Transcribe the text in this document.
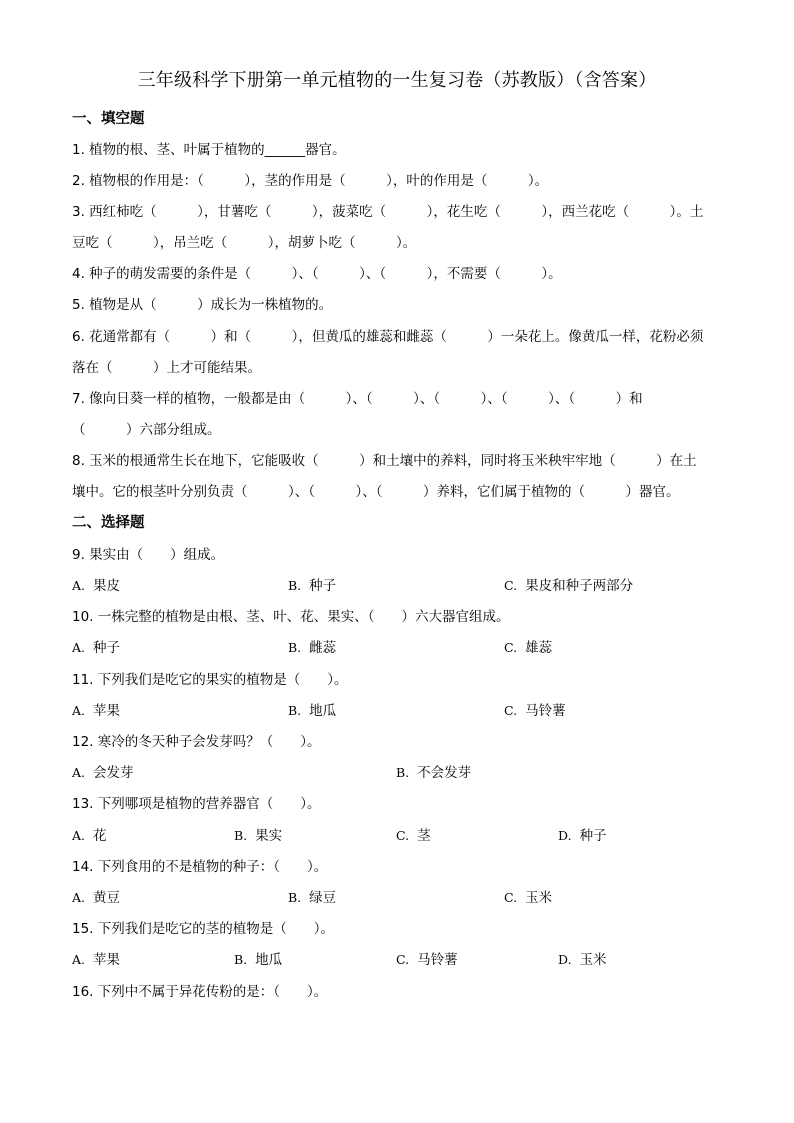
三年级科学下册第一单元植物的一生复习卷（苏教版）（含答案）
一、填空题
1. 植物的根、茎、叶属于植物的______器官。
2. 植物根的作用是：（　　　），茎的作用是（　　　），叶的作用是（　　　）。
3. 西红柿吃（　　　），甘薯吃（　　　），菠菜吃（　　　），花生吃（　　　），西兰花吃（　　　）。土
豆吃（　　　），吊兰吃（　　　），胡萝卜吃（　　　）。
4. 种子的萌发需要的条件是（　　　）、（　　　）、（　　　），不需要（　　　）。
5. 植物是从（　　　）成长为一株植物的。
6. 花通常都有（　　　）和（　　　），但黄瓜的雄蕊和雌蕊（　　　）一朵花上。像黄瓜一样，花粉必须
落在（　　　）上才可能结果。
7. 像向日葵一样的植物，一般都是由（　　　）、（　　　）、（　　　）、（　　　）、（　　　）和
（　　　）六部分组成。
8. 玉米的根通常生长在地下，它能吸收（　　　）和土壤中的养料，同时将玉米秧牢牢地（　　　）在土
壤中。它的根茎叶分别负责（　　　）、（　　　）、（　　　）养料，它们属于植物的（　　　）器官。
二、选择题
9. 果实由（　　）组成。
A. 果皮	B. 种子	C. 果皮和种子两部分
10. 一株完整的植物是由根、茎、叶、花、果实、（　　）六大器官组成。
A. 种子	B. 雌蕊	C. 雄蕊
11. 下列我们是吃它的果实的植物是（　　）。
A. 苹果	B. 地瓜	C. 马铃薯
12. 寒冷的冬天种子会发芽吗？（　　）。
A. 会发芽	B. 不会发芽
13. 下列哪项是植物的营养器官（　　）。
A. 花	B. 果实	C. 茎	D. 种子
14. 下列食用的不是植物的种子：（　　）。
A. 黄豆	B. 绿豆	C. 玉米
15. 下列我们是吃它的茎的植物是（　　）。
A. 苹果	B. 地瓜	C. 马铃薯	D. 玉米
16. 下列中不属于异花传粉的是：（　　）。
